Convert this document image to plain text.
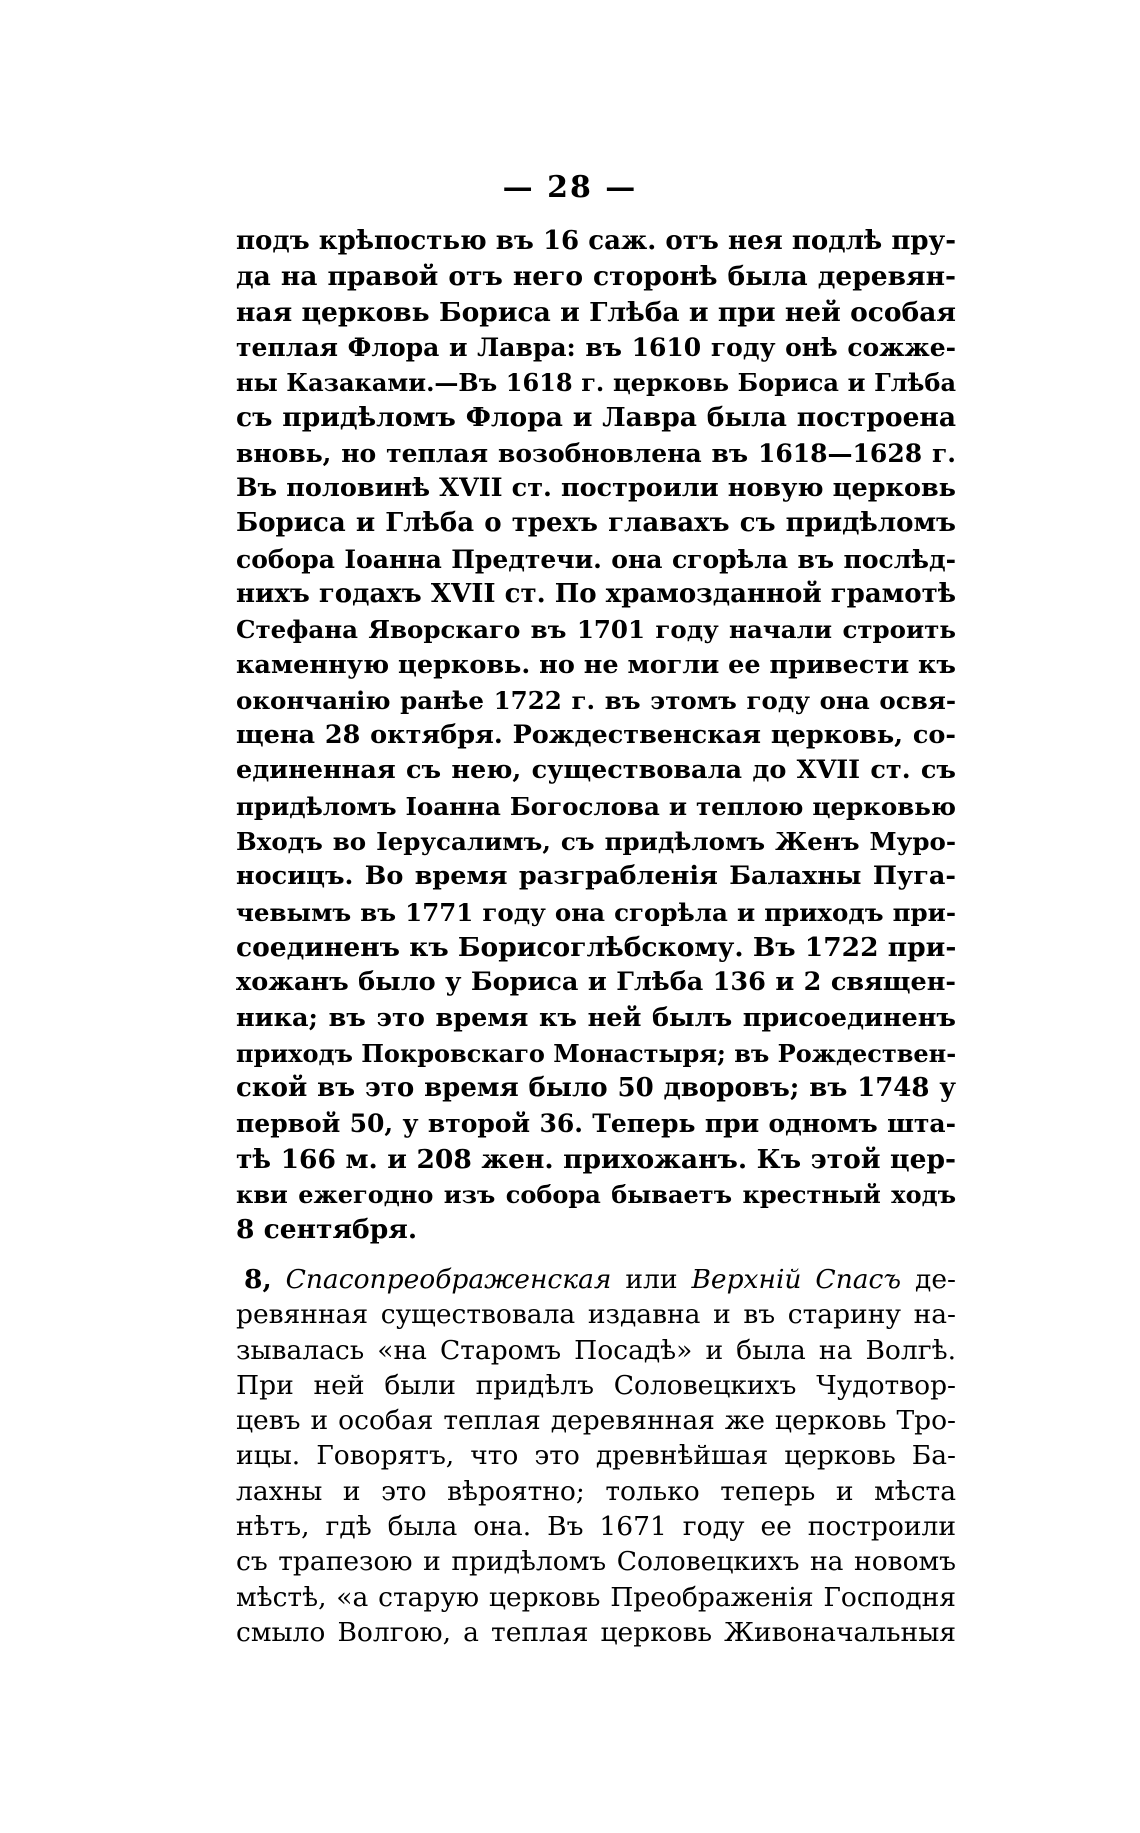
— 28 —
подъ крѣпостью въ 16 саж. отъ нея подлѣ пру-
да на правой отъ него сторонѣ была деревян-
ная церковь Бориса и Глѣба и при ней особая
теплая Флора и Лавра: въ 1610 году онѣ сожже-
ны Казаками.—Въ 1618 г. церковь Бориса и Глѣба
съ придѣломъ Флора и Лавра была построена
вновь, но теплая возобновлена въ 1618—1628 г.
Въ половинѣ XVII ст. построили новую церковь
Бориса и Глѣба о трехъ главахъ съ придѣломъ
собора Іоанна Предтечи. она сгорѣла въ послѣд-
нихъ годахъ XVII ст. По храмозданной грамотѣ
Стефана Яворскаго въ 1701 году начали строить
каменную церковь. но не могли ее привести къ
окончанію ранѣе 1722 г. въ этомъ году она освя-
щена 28 октября. Рождественская церковь, со-
единенная съ нею, существовала до XVII ст. съ
придѣломъ Іоанна Богослова и теплою церковью
Входъ во Іерусалимъ, съ придѣломъ Женъ Муро-
носицъ. Во время разграбленія Балахны Пуга-
чевымъ въ 1771 году она сгорѣла и приходъ при-
соединенъ къ Борисоглѣбскому. Въ 1722 при-
хожанъ было у Бориса и Глѣба 136 и 2 священ-
ника; въ это время къ ней былъ присоединенъ
приходъ Покровскаго Монастыря; въ Рождествен-
ской въ это время было 50 дворовъ; въ 1748 у
первой 50, у второй 36. Теперь при одномъ шта-
тѣ 166 м. и 208 жен. прихожанъ. Къ этой цер-
кви ежегодно изъ собора бываетъ крестный ходъ
8 сентября.
8, Спасопреображенская или Верхній Спасъ де-
ревянная существовала издавна и въ старину на-
зывалась «на Старомъ Посадѣ» и была на Волгѣ.
При ней были придѣлъ Соловецкихъ Чудотвор-
цевъ и особая теплая деревянная же церковь Тро-
ицы. Говорятъ, что это древнѣйшая церковь Ба-
лахны и это вѣроятно; только теперь и мѣста
нѣтъ, гдѣ была она. Въ 1671 году ее построили
съ трапезою и придѣломъ Соловецкихъ на новомъ
мѣстѣ, «а старую церковь Преображенія Господня
смыло Волгою, а теплая церковь Живоначальныя
